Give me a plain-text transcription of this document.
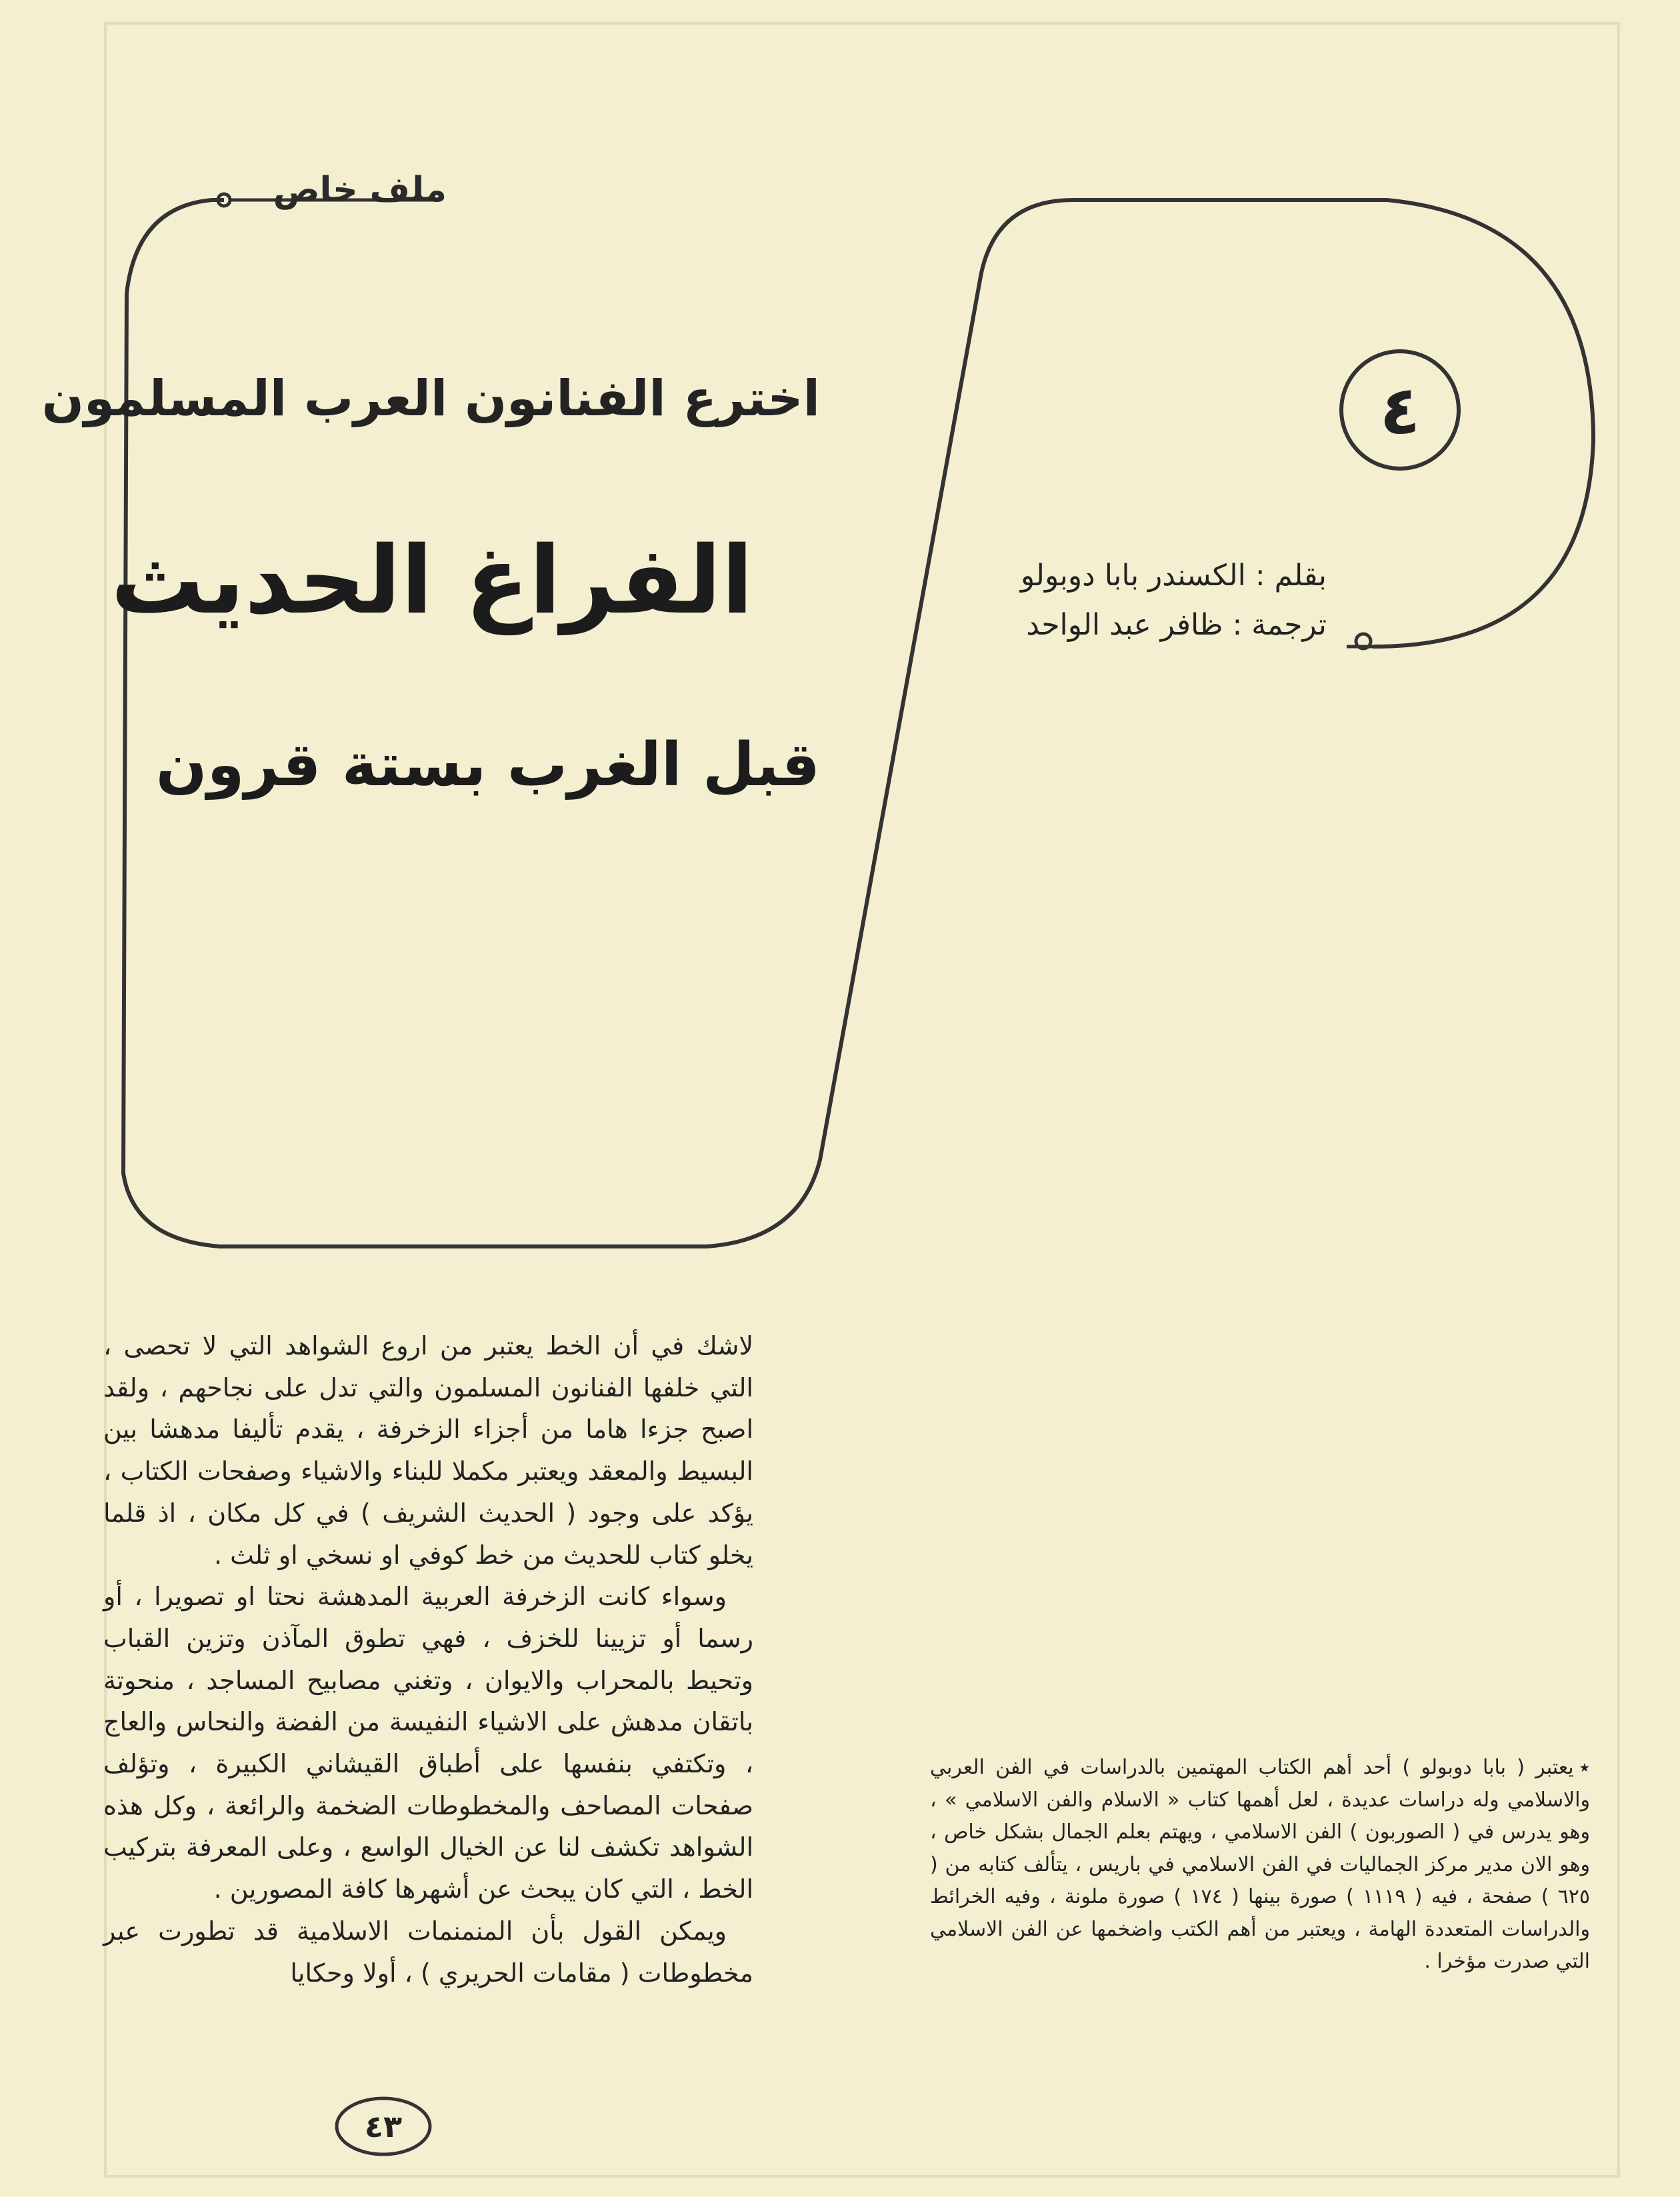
ملف خاص
٤
اخترع الفنانون العرب المسلمون
الفراغ الحديث
قبل الغرب بستة قرون
بقلم : الكسندر بابا دوبولو
ترجمة : ظافر عبد الواحد

لاشك في أن الخط يعتبر من اروع الشواهد التي لا تحصى ، التي خلفها الفنانون المسلمون والتي تدل على نجاحهم ، ولقد اصبح جزءا هاما من أجزاء الزخرفة ، يقدم تأليفا مدهشا بين البسيط والمعقد ويعتبر مكملا للبناء والاشياء وصفحات الكتاب ، يؤكد على وجود ( الحديث الشريف ) في كل مكان ، اذ قلما يخلو كتاب للحديث من خط كوفي او نسخي او ثلث .

وسواء كانت الزخرفة العربية المدهشة نحتا او تصويرا ، أو رسما أو تزيينا للخزف ، فهي تطوق المآذن وتزين القباب وتحيط بالمحراب والايوان ، وتغني مصابيح المساجد ، منحوتة باتقان مدهش على الاشياء النفيسة من الفضة والنحاس والعاج ، وتكتفي بنفسها على أطباق القيشاني الكبيرة ، وتؤلف صفحات المصاحف والمخطوطات الضخمة والرائعة ، وكل هذه الشواهد تكشف لنا عن الخيال الواسع ، وعلى المعرفة بتركيب الخط ، التي كان يبحث عن أشهرها كافة المصورين .

ويمكن القول بأن المنمنمات الاسلامية قد تطورت عبر مخطوطات ( مقامات الحريري ) ، أولا وحكايا

٭يعتبر ( بابا دوبولو ) أحد أهم الكتاب المهتمين بالدراسات في الفن العربي والاسلامي وله دراسات عديدة ، لعل أهمها كتاب « الاسلام والفن الاسلامي » ، وهو يدرس في ( الصوربون ) الفن الاسلامي ، ويهتم بعلم الجمال بشكل خاص ، وهو الان مدير مركز الجماليات في الفن الاسلامي في باريس ، يتألف كتابه من ( ٦٢٥ ) صفحة ، فيه ( ١١١٩ ) صورة بينها ( ١٧٤ ) صورة ملونة ، وفيه الخرائط والدراسات المتعددة الهامة ، ويعتبر من أهم الكتب واضخمها عن الفن الاسلامي التي صدرت مؤخرا .
٤٣
